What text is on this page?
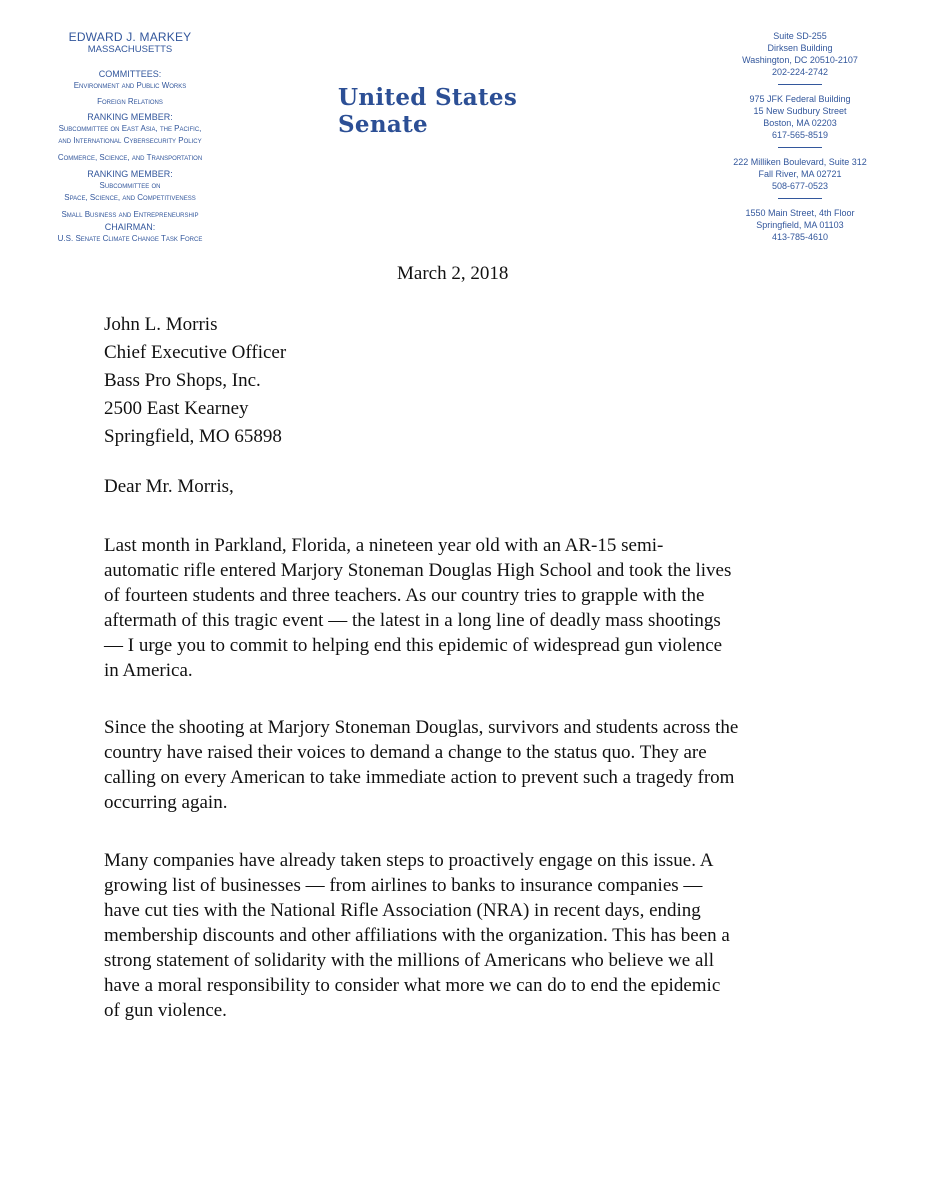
EDWARD J. MARKEY
MASSACHUSETTS
COMMITTEES:
Environment and Public Works
Foreign Relations
RANKING MEMBER:
Subcommittee on East Asia, the Pacific,
and International Cybersecurity Policy
Commerce, Science, and Transportation
RANKING MEMBER:
Subcommittee on
Space, Science, and Competitiveness
Small Business and Entrepreneurship
CHAIRMAN:
U.S. Senate Climate Change Task Force
United States Senate
Suite SD-255
Dirksen Building
Washington, DC 20510-2107
202-224-2742
975 JFK Federal Building
15 New Sudbury Street
Boston, MA 02203
617-565-8519
222 Milliken Boulevard, Suite 312
Fall River, MA 02721
508-677-0523
1550 Main Street, 4th Floor
Springfield, MA 01103
413-785-4610
March 2, 2018
John L. Morris
Chief Executive Officer
Bass Pro Shops, Inc.
2500 East Kearney
Springfield, MO 65898
Dear Mr. Morris,

Last month in Parkland, Florida, a nineteen year old with an AR-15 semi-
automatic rifle entered Marjory Stoneman Douglas High School and took the lives
of fourteen students and three teachers. As our country tries to grapple with the
aftermath of this tragic event — the latest in a long line of deadly mass shootings
— I urge you to commit to helping end this epidemic of widespread gun violence
in America.

Since the shooting at Marjory Stoneman Douglas, survivors and students across the
country have raised their voices to demand a change to the status quo. They are
calling on every American to take immediate action to prevent such a tragedy from
occurring again.

Many companies have already taken steps to proactively engage on this issue. A
growing list of businesses — from airlines to banks to insurance companies —
have cut ties with the National Rifle Association (NRA) in recent days, ending
membership discounts and other affiliations with the organization. This has been a
strong statement of solidarity with the millions of Americans who believe we all
have a moral responsibility to consider what more we can do to end the epidemic
of gun violence.
